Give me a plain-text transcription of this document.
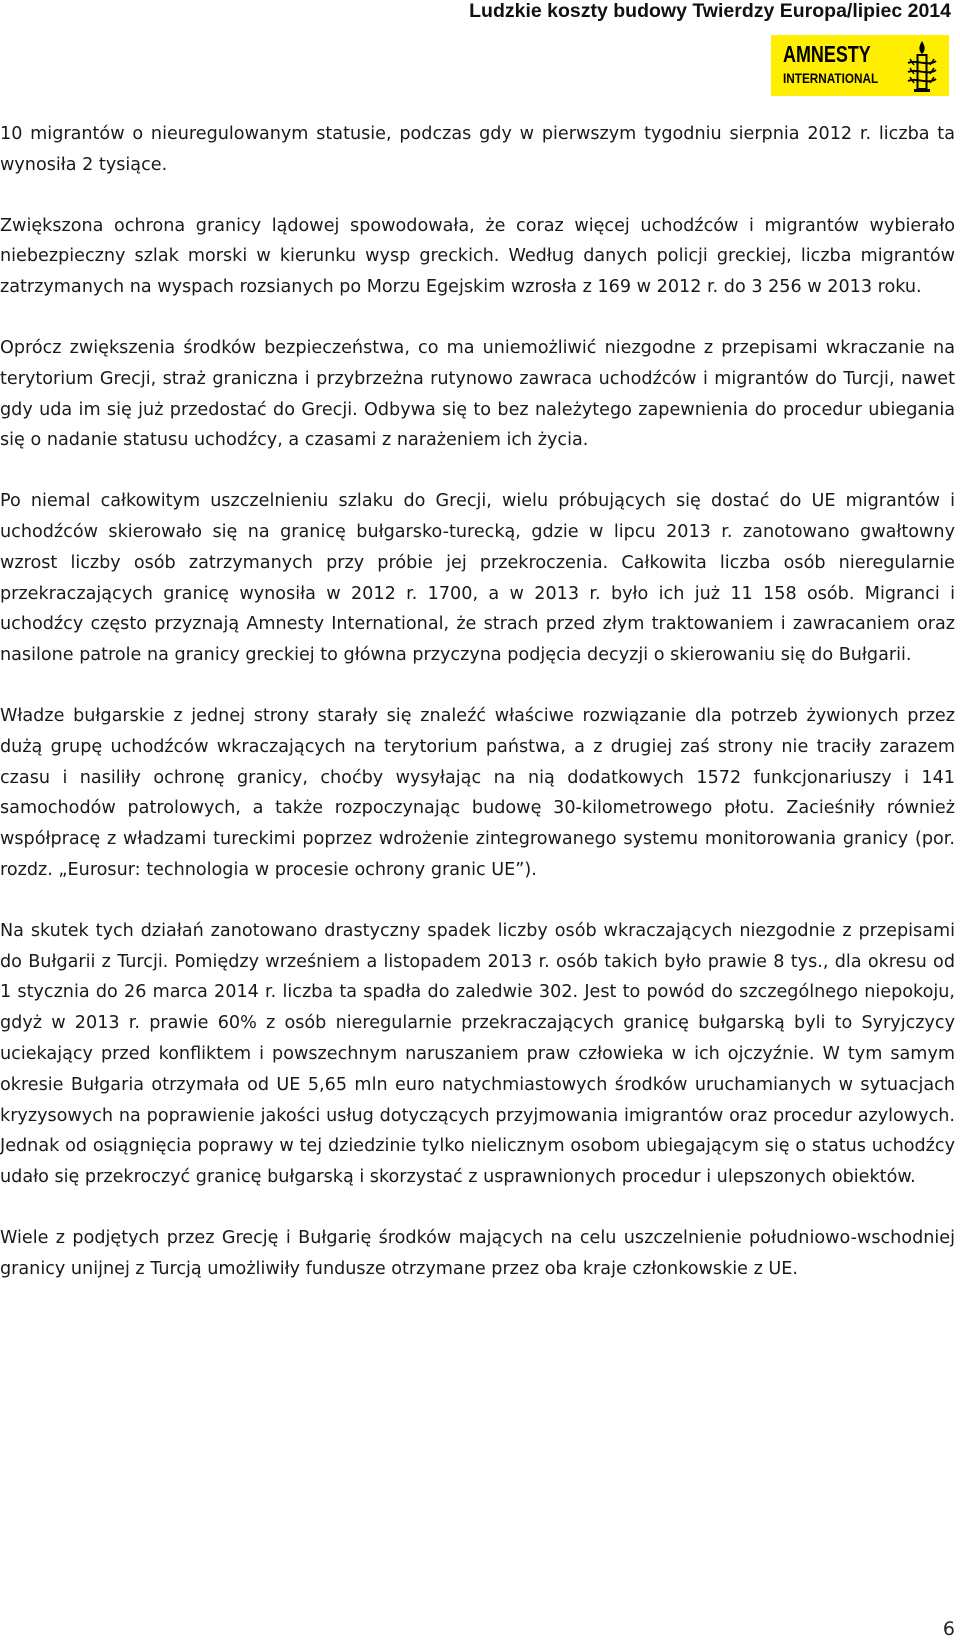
Ludzkie koszty budowy Twierdzy Europa/lipiec 2014
AMNESTY
INTERNATIONAL

10 migrantów o nieuregulowanym statusie, podczas gdy w pierwszym tygodniu sierpnia 2012 r. liczba ta wynosiła 2 tysiące.

Zwiększona ochrona granicy lądowej spowodowała, że coraz więcej uchodźców i migrantów wybierało niebezpieczny szlak morski w kierunku wysp greckich. Według danych policji greckiej, liczba migrantów zatrzymanych na wyspach rozsianych po Morzu Egejskim wzrosła z 169 w 2012 r. do 3 256 w 2013 roku.

Oprócz zwiększenia środków bezpieczeństwa, co ma uniemożliwić niezgodne z przepisami wkraczanie na terytorium Grecji, straż graniczna i przybrzeżna rutynowo zawraca uchodźców i migrantów do Turcji, nawet gdy uda im się już przedostać do Grecji. Odbywa się to bez należytego zapewnienia do procedur ubiegania się o nadanie statusu uchodźcy, a czasami z narażeniem ich życia.

Po niemal całkowitym uszczelnieniu szlaku do Grecji, wielu próbujących się dostać do UE migrantów i uchodźców skierowało się na granicę bułgarsko-turecką, gdzie w lipcu 2013 r. zanotowano gwałtowny wzrost liczby osób zatrzymanych przy próbie jej przekroczenia. Całkowita liczba osób nieregularnie przekraczających granicę wynosiła w 2012 r. 1700, a w 2013 r. było ich już 11 158 osób. Migranci i uchodźcy często przyznają Amnesty International, że strach przed złym traktowaniem i zawracaniem oraz nasilone patrole na granicy greckiej to główna przyczyna podjęcia decyzji o skierowaniu się do Bułgarii.

Władze bułgarskie z jednej strony starały się znaleźć właściwe rozwiązanie dla potrzeb żywionych przez dużą grupę uchodźców wkraczających na terytorium państwa, a z drugiej zaś strony nie traciły zarazem czasu i nasiliły ochronę granicy, choćby wysyłając na nią dodatkowych 1572 funkcjonariuszy i 141 samochodów patrolowych, a także rozpoczynając budowę 30-kilometrowego płotu. Zacieśniły również współpracę z władzami tureckimi poprzez wdrożenie zintegrowanego systemu monitorowania granicy (por. rozdz. „Eurosur: technologia w procesie ochrony granic UE”).

Na skutek tych działań zanotowano drastyczny spadek liczby osób wkraczających niezgodnie z przepisami do Bułgarii z Turcji. Pomiędzy wrześniem a listopadem 2013 r. osób takich było prawie 8 tys., dla okresu od 1 stycznia do 26 marca 2014 r. liczba ta spadła do zaledwie 302. Jest to powód do szczególnego niepokoju, gdyż w 2013 r. prawie 60% z osób nieregularnie przekraczających granicę bułgarską byli to Syryjczycy uciekający przed konfliktem i powszechnym naruszaniem praw człowieka w ich ojczyźnie. W tym samym okresie Bułgaria otrzymała od UE 5,65 mln euro natychmiastowych środków uruchamianych w sytuacjach kryzysowych na poprawienie jakości usług dotyczących przyjmowania imigrantów oraz procedur azylowych. Jednak od osiągnięcia poprawy w tej dziedzinie tylko nielicznym osobom ubiegającym się o status uchodźcy udało się przekroczyć granicę bułgarską i skorzystać z usprawnionych procedur i ulepszonych obiektów.

Wiele z podjętych przez Grecję i Bułgarię środków mających na celu uszczelnienie południowo-wschodniej granicy unijnej z Turcją umożliwiły fundusze otrzymane przez oba kraje członkowskie z UE.

6
